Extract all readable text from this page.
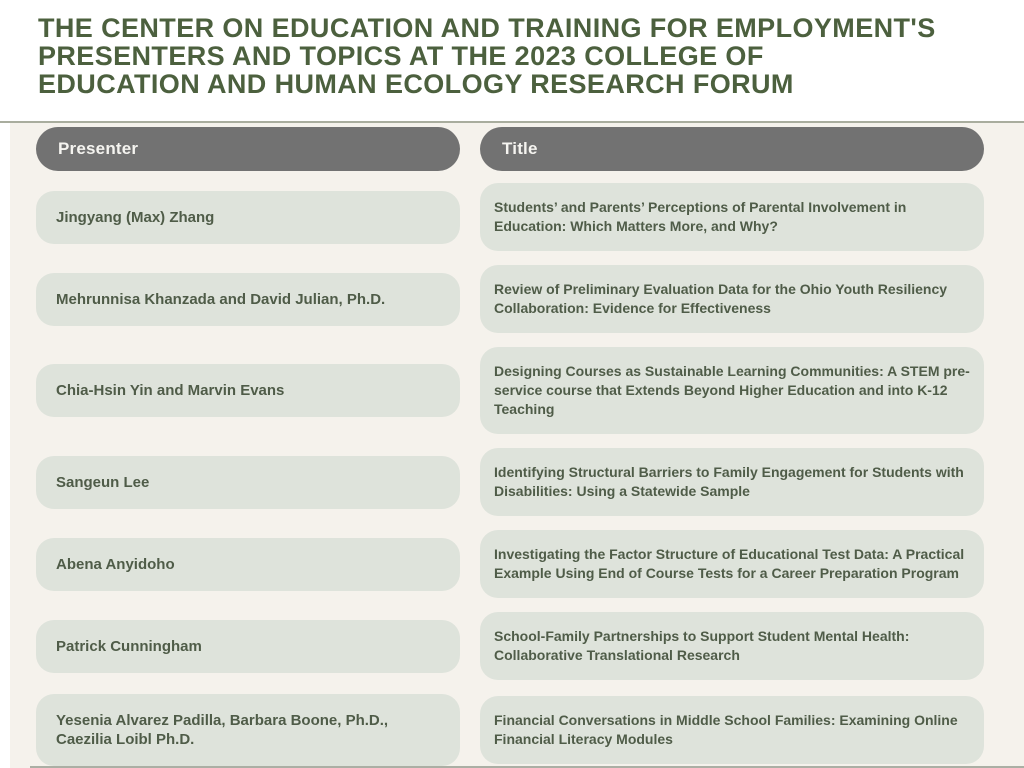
THE CENTER ON EDUCATION AND TRAINING FOR EMPLOYMENT'S
PRESENTERS AND TOPICS AT THE 2023 COLLEGE OF
EDUCATION AND HUMAN ECOLOGY RESEARCH FORUM
Presenter	Title
Jingyang (Max) Zhang
Students’ and Parents’ Perceptions of Parental Involvement in Education: Which Matters More, and Why?
Mehrunnisa Khanzada and David Julian, Ph.D.
Review of Preliminary Evaluation Data for the Ohio Youth Resiliency Collaboration: Evidence for Effectiveness
Chia-Hsin Yin and Marvin Evans
Designing Courses as Sustainable Learning Communities: A STEM pre-service course that Extends Beyond Higher Education and into K-12 Teaching
Sangeun Lee
Identifying Structural Barriers to Family Engagement for Students with Disabilities: Using a Statewide Sample
Abena Anyidoho
Investigating the Factor Structure of Educational Test Data: A Practical Example Using End of Course Tests for a Career Preparation Program
Patrick Cunningham
School-Family Partnerships to Support Student Mental Health: Collaborative Translational Research
Yesenia Alvarez Padilla, Barbara Boone, Ph.D., Caezilia Loibl Ph.D.
Financial Conversations in Middle School Families: Examining Online Financial Literacy Modules
